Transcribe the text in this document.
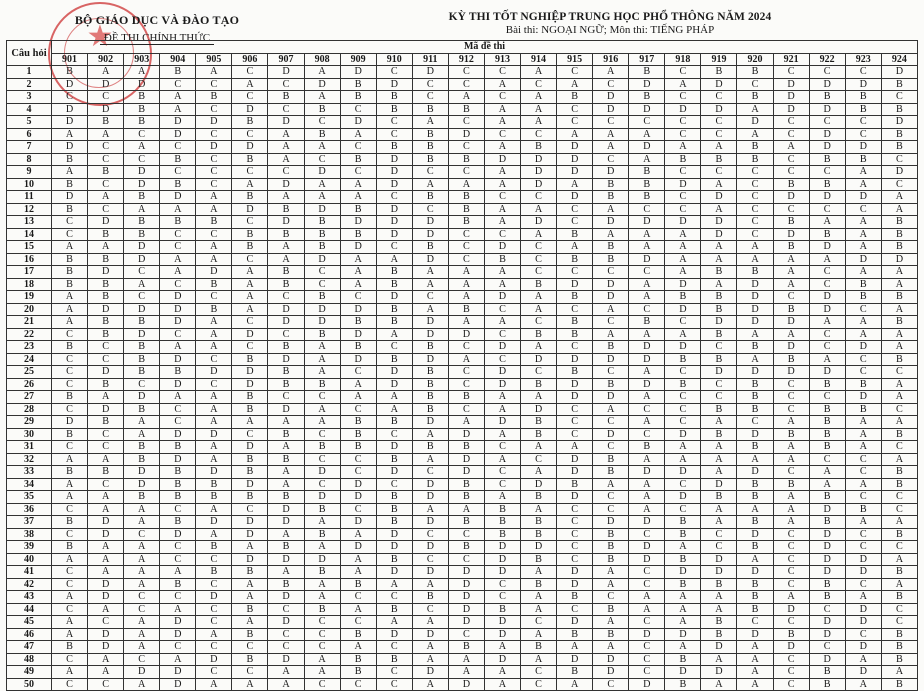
★
BỘ GIÁO DỤC VÀ ĐÀO TẠO
ĐỀ THI CHÍNH THỨC
KỲ THI TỐT NGHIỆP TRUNG HỌC PHỔ THÔNG NĂM 2024
Bài thi: NGOẠI NGỮ; Môn thi: TIẾNG PHÁP
Câu hỏi	Mã đề thi																							
	901	902	903	904	905	906	907	908	909	910	911	912	913	914	915	916	917	918	919	920	921	922	923	924
1	B	A	A	B	A	C	D	A	D	C	D	C	C	A	C	A	B	C	B	B	C	C	C	D
2	D	D	D	C	C	A	C	D	B	D	C	C	A	C	A	C	D	A	D	C	D	D	D	B
3	C	C	B	A	B	C	B	A	B	B	C	A	C	A	B	D	B	C	C	B	D	B	B	C
4	D	D	B	A	C	D	C	B	C	B	B	B	A	A	C	D	D	D	D	A	D	D	B	B
5	D	B	B	D	D	B	D	C	D	C	A	C	A	A	C	C	C	C	C	D	C	C	C	D
6	A	A	C	D	C	C	A	B	A	C	B	D	C	C	A	A	A	C	C	A	C	D	C	B
7	D	C	A	C	D	D	A	A	C	B	B	C	A	B	D	A	D	A	A	B	A	D	D	B
8	B	C	C	B	C	B	A	C	B	D	B	B	D	D	D	C	A	B	B	B	C	B	B	C
9	A	B	D	C	C	C	C	D	C	D	C	C	A	D	D	D	B	C	C	C	C	C	A	D
10	B	C	D	B	C	A	D	A	A	D	A	A	A	D	A	B	B	D	A	C	B	B	A	C
11	D	A	B	D	A	B	A	A	A	C	B	B	C	C	D	B	B	C	D	C	D	D	D	A
12	B	C	A	A	A	D	B	D	B	D	C	B	A	A	C	A	C	C	A	C	C	C	C	A
13	C	D	B	B	B	C	D	B	D	D	D	B	A	D	C	D	D	D	D	C	B	A	A	B
14	C	B	B	C	C	B	B	B	B	D	D	C	C	A	B	A	A	A	D	C	D	B	A	B
15	A	A	D	C	A	B	A	B	D	C	B	C	D	C	A	B	A	A	A	A	B	D	A	B
16	B	B	D	A	A	C	A	D	A	A	D	C	B	C	B	B	D	A	A	A	A	A	D	D
17	B	D	C	A	D	A	B	C	A	B	A	A	A	C	C	C	C	A	B	B	A	C	A	A
18	B	B	A	C	B	A	B	C	A	B	A	A	A	B	D	D	A	D	A	D	A	C	B	A
19	A	B	C	D	C	A	C	B	C	D	C	A	D	A	B	D	A	B	B	D	C	D	B	B
20	A	D	D	D	B	A	D	D	D	B	A	B	C	A	C	A	C	D	B	D	B	D	C	A
21	A	B	B	D	A	C	D	D	B	B	D	A	A	C	B	C	B	C	D	D	D	A	A	B
22	C	B	D	C	A	D	C	B	D	A	D	D	C	B	B	A	A	A	B	A	A	C	A	A
23	B	C	B	A	A	C	B	A	B	C	B	C	D	A	C	B	D	D	C	B	D	C	D	A
24	C	C	B	D	C	B	D	A	D	B	D	A	C	D	D	D	D	B	B	A	B	A	C	B
25	C	D	B	B	D	D	B	A	C	D	B	C	D	C	B	C	A	C	D	D	D	D	C	C
26	C	B	C	D	C	D	B	B	A	D	B	C	D	B	D	B	D	B	C	B	C	B	B	A
27	B	A	D	A	A	B	C	C	A	A	B	B	A	A	D	D	A	C	C	B	C	C	D	A
28	C	D	B	C	A	B	D	A	C	A	B	C	A	D	C	A	C	C	B	B	C	B	B	C
29	D	B	A	C	A	A	A	A	B	B	D	A	D	B	C	C	A	C	A	C	A	B	A	A
30	B	C	A	D	D	C	B	C	B	C	A	D	A	B	C	D	C	D	B	D	B	B	A	B
31	C	C	B	B	A	D	A	B	B	D	B	B	C	A	A	C	B	A	A	B	A	B	A	C
32	A	A	B	D	A	B	B	C	C	B	A	D	A	C	D	B	A	A	A	A	A	C	C	A
33	B	B	D	B	D	B	A	D	C	D	C	D	C	A	D	B	D	D	A	D	C	A	C	B
34	A	C	D	B	B	D	A	C	D	C	D	B	C	D	B	A	A	C	D	B	B	A	A	B
35	A	A	B	B	B	B	B	D	D	B	D	B	A	B	D	C	A	D	B	B	A	B	C	C
36	C	A	A	C	A	C	D	B	C	B	A	A	B	A	C	C	A	C	A	A	A	D	B	C
37	B	D	A	B	D	D	D	A	D	B	D	B	B	B	C	D	D	B	A	B	A	B	A	A
38	C	D	C	D	A	D	A	B	A	D	C	C	B	B	C	B	C	B	C	D	C	D	C	B
39	B	A	A	C	B	A	B	A	D	D	D	B	D	D	C	B	D	A	C	B	C	D	C	C
40	A	A	A	C	C	D	D	D	A	B	C	C	D	B	C	B	D	B	D	A	C	D	D	A
41	C	A	A	A	B	B	A	B	A	D	D	D	D	A	D	A	C	D	D	D	C	D	D	B
42	C	D	A	B	C	A	B	A	B	A	A	D	C	B	D	A	C	B	B	B	C	B	C	A
43	A	D	C	C	D	A	D	A	C	C	B	D	C	A	B	C	A	A	A	B	A	B	A	B
44	C	A	C	A	C	B	C	B	A	B	C	D	B	A	C	B	A	A	A	B	D	C	D	C
45	A	C	A	D	C	A	D	C	C	A	A	D	D	C	D	A	C	A	B	C	C	D	D	C
46	A	D	A	D	A	B	C	C	B	D	D	C	D	A	B	B	D	D	B	D	B	D	C	B
47	B	D	A	C	C	C	C	C	A	C	A	B	A	B	A	A	C	A	D	A	D	C	D	B
48	C	A	C	A	D	B	D	A	B	B	A	A	D	A	D	D	C	B	A	A	C	D	A	B
49	A	A	D	D	C	C	A	A	B	C	D	A	A	C	B	D	C	D	D	A	C	B	D	A
50	C	C	A	D	A	A	A	C	C	C	A	D	A	C	A	C	D	B	A	A	C	B	A	B
